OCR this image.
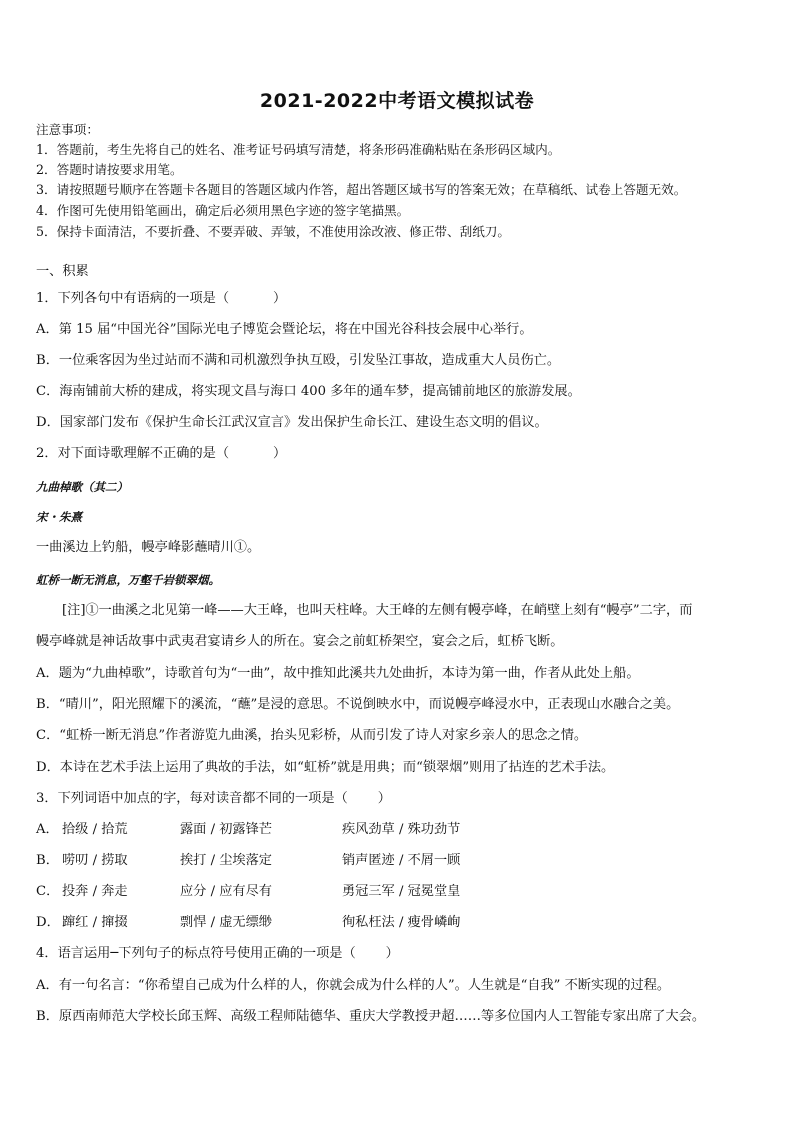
2021-2022中考语文模拟试卷
注意事项：
1．答题前，考生先将自己的姓名、准考证号码填写清楚，将条形码准确粘贴在条形码区域内。
2．答题时请按要求用笔。
3．请按照题号顺序在答题卡各题目的答题区域内作答，超出答题区域书写的答案无效；在草稿纸、试卷上答题无效。
4．作图可先使用铅笔画出，确定后必须用黑色字迹的签字笔描黑。
5．保持卡面清洁，不要折叠、不要弄破、弄皱，不准使用涂改液、修正带、刮纸刀。
一、积累
1．下列各句中有语病的一项是（	）
A．第 15 届“中国光谷”国际光电子博览会暨论坛，将在中国光谷科技会展中心举行。
B．一位乘客因为坐过站而不满和司机激烈争执互殴，引发坠江事故，造成重大人员伤亡。
C．海南铺前大桥的建成，将实现文昌与海口 400 多年的通车梦，提高铺前地区的旅游发展。
D．国家部门发布《保护生命长江武汉宣言》发出保护生命长江、建设生态文明的倡议。
2．对下面诗歌理解不正确的是（	）
九曲棹歌（其二）
宋・朱熹
一曲溪边上钓船，幔亭峰影蘸晴川①。
虹桥一断无消息，万壑千岩锁翠烟。
[注]①一曲溪之北见第一峰——大王峰，也叫天柱峰。大王峰的左侧有幔亭峰，在峭壁上刻有“幔亭”二字，而
幔亭峰就是神话故事中武夷君宴请乡人的所在。宴会之前虹桥架空，宴会之后，虹桥飞断。
A．题为“九曲棹歌”，诗歌首句为“一曲”，故中推知此溪共九处曲折，本诗为第一曲，作者从此处上船。
B．“晴川”，阳光照耀下的溪流，“蘸”是浸的意思。不说倒映水中，而说幔亭峰浸水中，正表现山水融合之美。
C．“虹桥一断无消息”作者游览九曲溪，抬头见彩桥，从而引发了诗人对家乡亲人的思念之情。
D．本诗在艺术手法上运用了典故的手法，如“虹桥”就是用典；而“锁翠烟”则用了拈连的艺术手法。
3．下列词语中加点的字，每对读音都不同的一项是（ ）
A． 拾级 / 拾荒	露面 / 初露锋芒	疾风劲草 / 殊功劲节
B． 唠叨 / 捞取	挨打 / 尘埃落定	销声匿迹 / 不屑一顾
C． 投奔 / 奔走	应分 / 应有尽有	勇冠三军 / 冠冕堂皇
D． 蹿红 / 撺掇	剽悍 / 虚无缥缈	徇私枉法 / 瘦骨嶙峋
4．语言运用─下列句子的标点符号使用正确的一项是（ ）
A．有一句名言：“你希望自己成为什么样的人，你就会成为什么样的人”。人生就是“自我” 不断实现的过程。
B．原西南师范大学校长邱玉辉、高级工程师陆德华、重庆大学教授尹超……等多位国内人工智能专家出席了大会。
